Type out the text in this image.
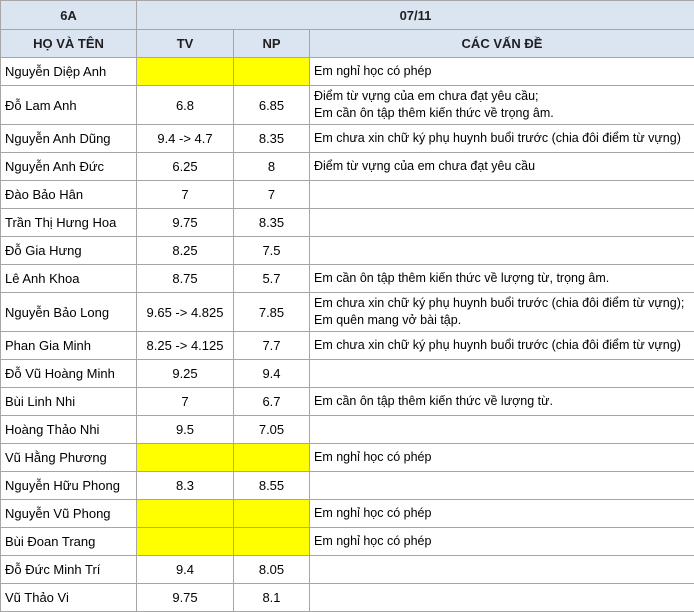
6A	07/11		
HỌ VÀ TÊN	TV	NP	CÁC VẤN ĐỀ
Nguyễn Diệp Anh			Em nghỉ học có phép

Đỗ Lam Anh	6.8	6.85	Điểm từ vựng của em chưa đạt yêu cầu;
Em cần ôn tập thêm kiến thức về trọng âm.

Nguyễn Anh Dũng	9.4 -> 4.7	8.35	Em chưa xin chữ ký phụ huynh buổi trước (chia đôi điểm từ vựng)

Nguyễn Anh Đức	6.25	8	Điểm từ vựng của em chưa đạt yêu cầu

Đào Bảo Hân	7	7	
Trần Thị Hưng Hoa	9.75	8.35	
Đỗ Gia Hưng	8.25	7.5	
Lê Anh Khoa	8.75	5.7	Em cần ôn tập thêm kiến thức về lượng từ, trọng âm.

Nguyễn Bảo Long	9.65 -> 4.825	7.85	Em chưa xin chữ ký phụ huynh buổi trước (chia đôi điểm từ vựng);
Em quên mang vở bài tập.

Phan Gia Minh	8.25 -> 4.125	7.7	Em chưa xin chữ ký phụ huynh buổi trước (chia đôi điểm từ vựng)

Đỗ Vũ Hoàng Minh	9.25	9.4	
Bùi Linh Nhi	7	6.7	Em cần ôn tập thêm kiến thức về lượng từ.

Hoàng Thảo Nhi	9.5	7.05	
Vũ Hằng Phương			Em nghỉ học có phép

Nguyễn Hữu Phong	8.3	8.55	
Nguyễn Vũ Phong			Em nghỉ học có phép

Bùi Đoan Trang			Em nghỉ học có phép

Đỗ Đức Minh Trí	9.4	8.05	
Vũ Thảo Vi	9.75	8.1	
